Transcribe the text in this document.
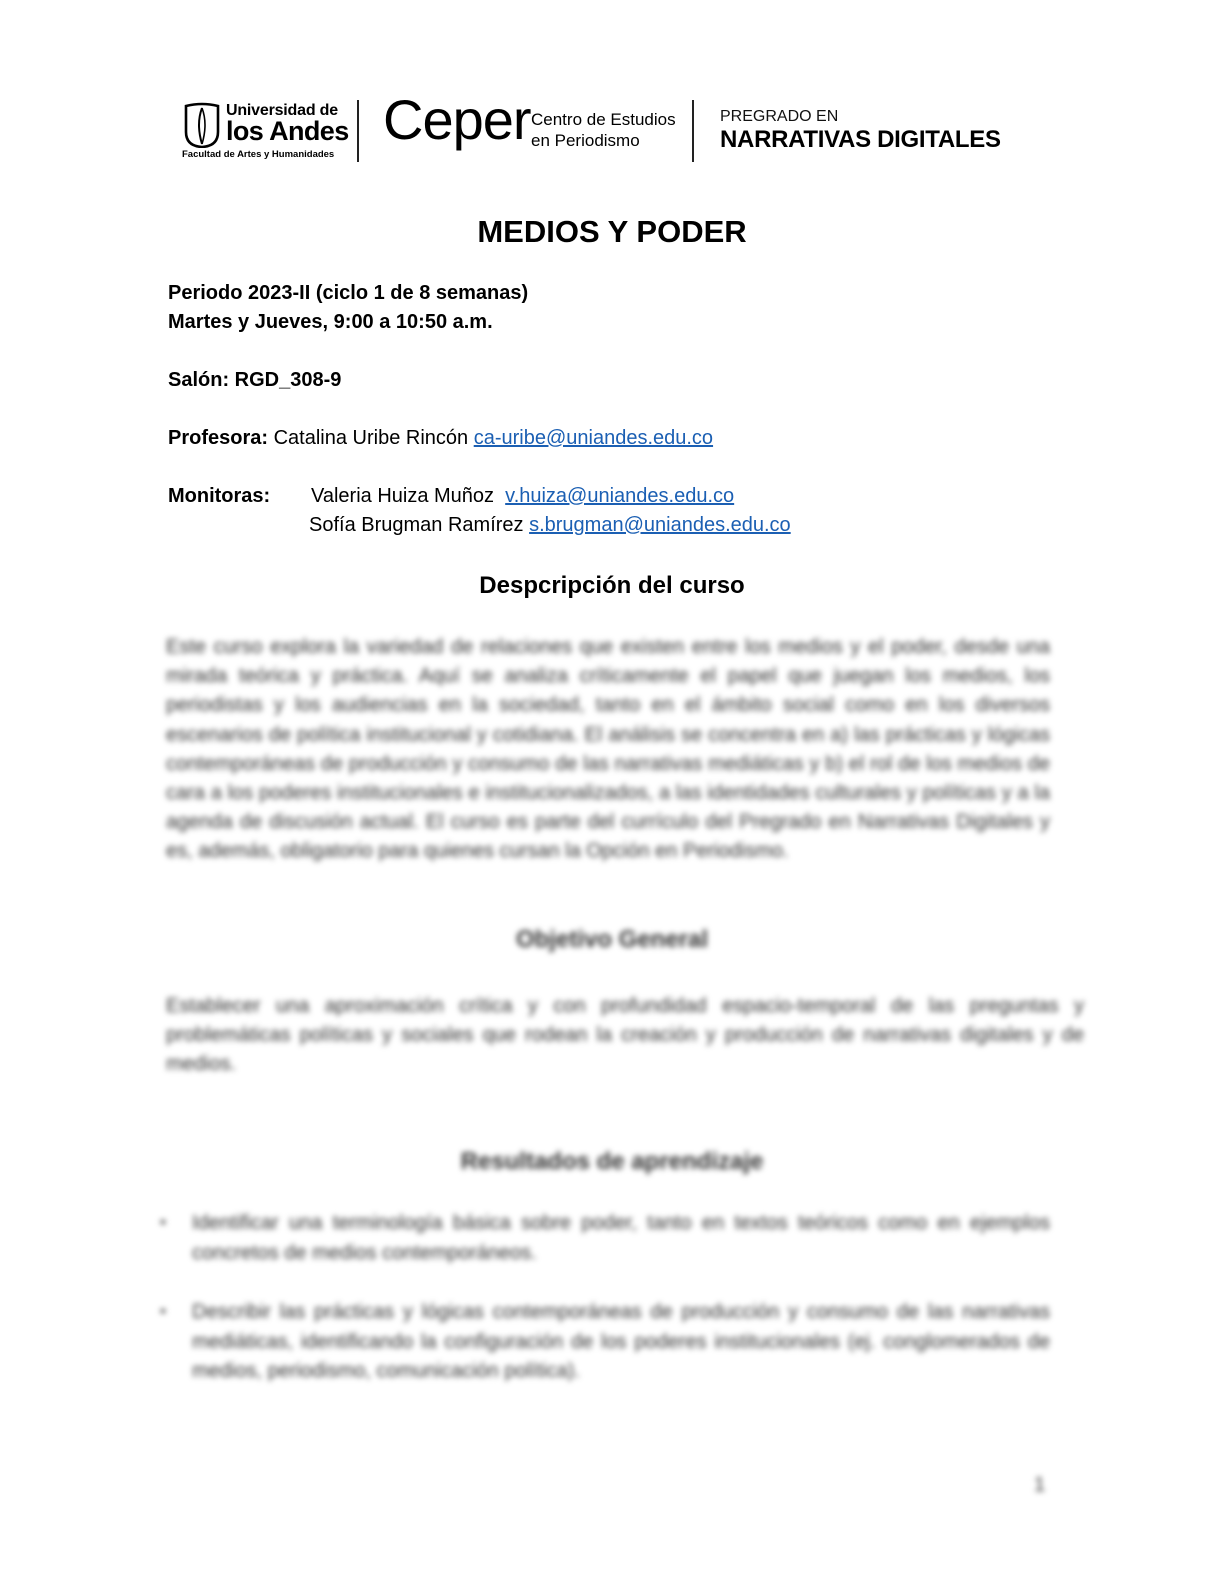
Universidad de
los Andes
Facultad de Artes y Humanidades
Ceper Centro de Estudios
en Periodismo
PREGRADO EN
NARRATIVAS DIGITALES
MEDIOS Y PODER
Periodo 2023-II (ciclo 1 de 8 semanas)
Martes y Jueves, 9:00 a 10:50 a.m.
Salón: RGD_308-9
Profesora: Catalina Uribe Rincón ca-uribe@uniandes.edu.co
Monitoras: Valeria Huiza Muñoz v.huiza@uniandes.edu.co
Sofía Brugman Ramírez s.brugman@uniandes.edu.co
Despcripción del curso
Este curso explora la variedad de relaciones que existen entre los medios y el poder, desde una mirada teórica y práctica. Aquí se analiza críticamente el papel que juegan los medios, los periodistas y los audiencias en la sociedad, tanto en el ámbito social como en los diversos escenarios de política institucional y cotidiana. El análisis se concentra en a) las prácticas y lógicas contemporáneas de producción y consumo de las narrativas mediáticas y b) el rol de los medios de cara a los poderes institucionales e institucionalizados, a las identidades culturales y políticas y a la agenda de discusión actual. El curso es parte del currículo del Pregrado en Narrativas Digitales y es, además, obligatorio para quienes cursan la Opción en Periodismo.
Objetivo General
Establecer una aproximación crítica y con profundidad espacio-temporal de las preguntas y problemáticas políticas y sociales que rodean la creación y producción de narrativas digitales y de medios.
Resultados de aprendizaje
▪ Identificar una terminología básica sobre poder, tanto en textos teóricos como en ejemplos concretos de medios contemporáneos.
▪ Describir las prácticas y lógicas contemporáneas de producción y consumo de las narrativas mediáticas, identificando la configuración de los poderes institucionales (ej. conglomerados de medios, periodismo, comunicación política).
1
